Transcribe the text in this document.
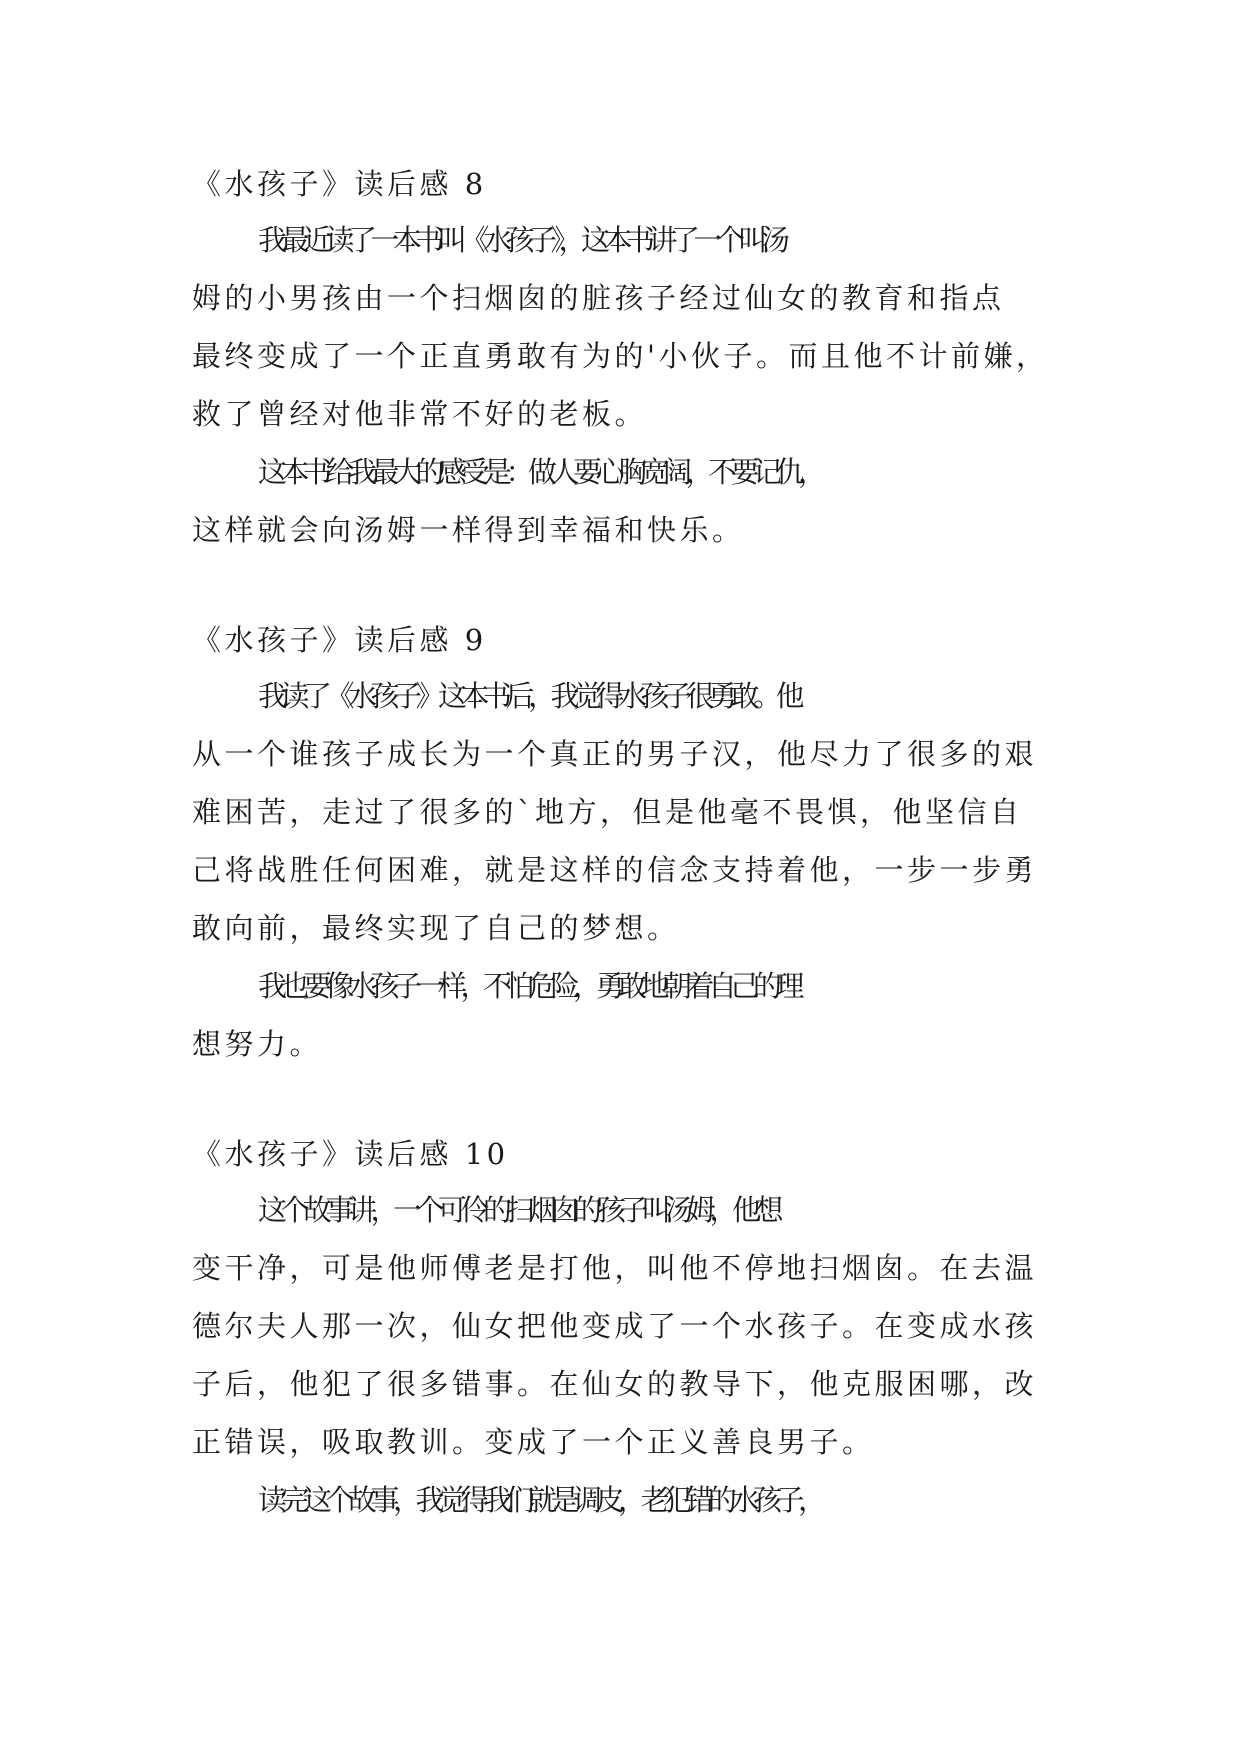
《水孩子》读后感 8

我最近读了一本书叫《水孩子》，这本书讲了一个叫汤
姆的小男孩由一个扫烟囱的脏孩子经过仙女的教育和指点
最终变成了一个正直勇敢有为的'小伙子。而且他不计前嫌，
救了曾经对他非常不好的老板。

这本书给我最大的感受是：做人要心胸宽阔，不要记仇，
这样就会向汤姆一样得到幸福和快乐。

《水孩子》读后感 9

我读了《水孩子》这本书后，我觉得水孩子很勇敢。他
从一个谁孩子成长为一个真正的男子汉，他尽力了很多的艰
难困苦，走过了很多的`地方，但是他毫不畏惧，他坚信自
己将战胜任何困难，就是这样的信念支持着他，一步一步勇
敢向前，最终实现了自己的梦想。

我也要像水孩子一样，不怕危险，勇敢地朝着自己的理
想努力。

《水孩子》读后感 10

这个故事讲，一个可伶的扫烟囱的'孩子叫汤姆，他想
变干净，可是他师傅老是打他，叫他不停地扫烟囱。在去温
德尔夫人那一次，仙女把他变成了一个水孩子。在变成水孩
子后，他犯了很多错事。在仙女的教导下，他克服困哪，改
正错误，吸取教训。变成了一个正义善良男子。

读完这个故事，我觉得我们就是调皮，老犯错的水孩子，
